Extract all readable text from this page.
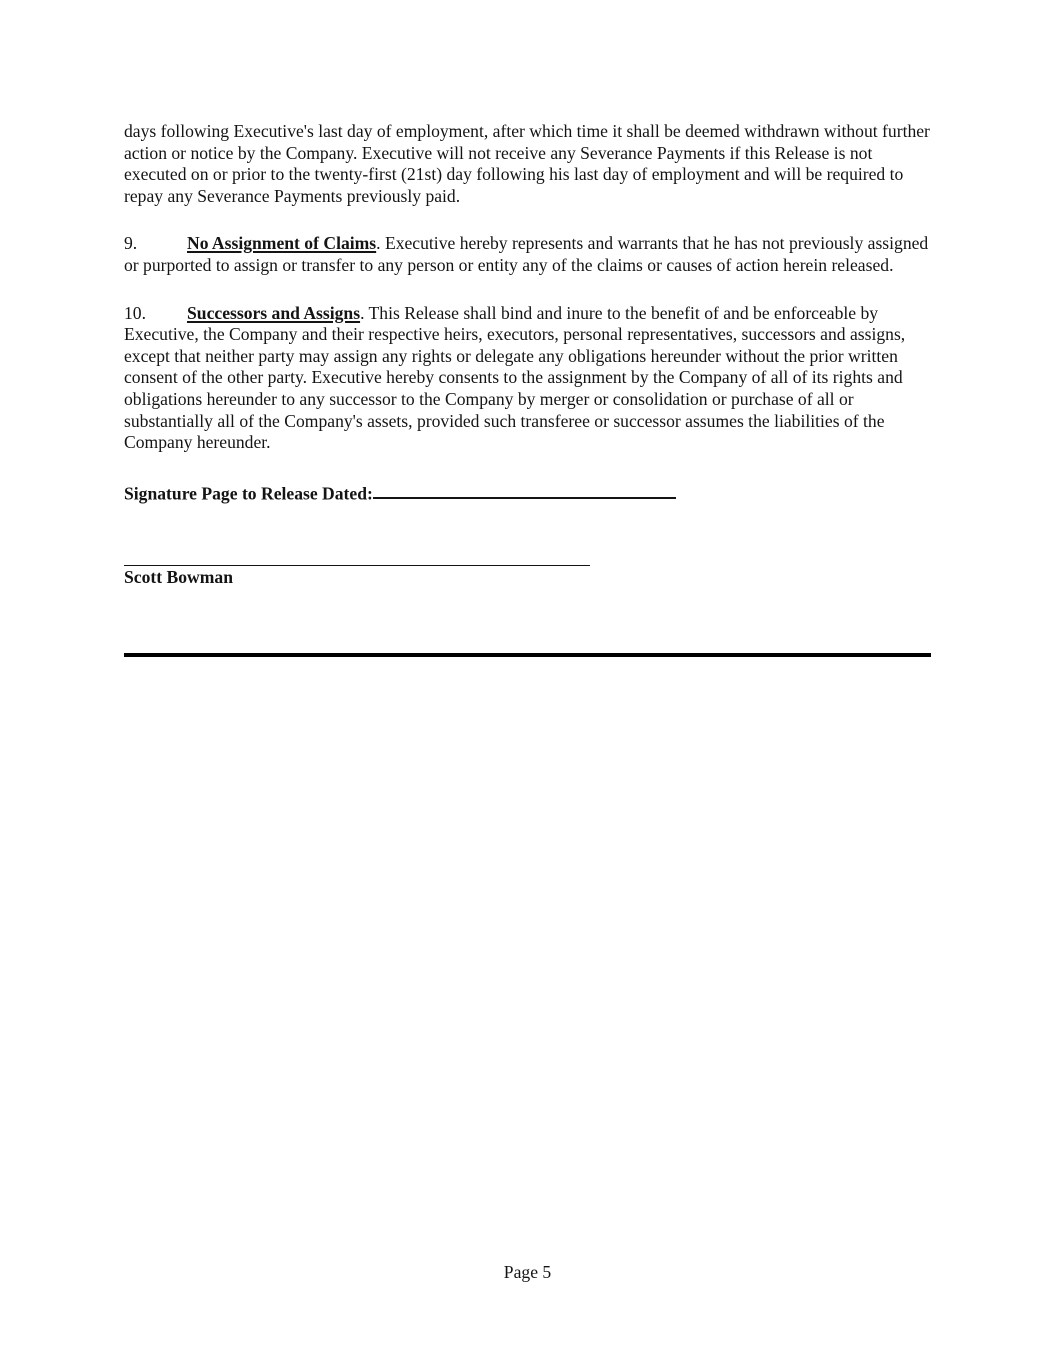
days following Executive's last day of employment, after which time it shall be deemed withdrawn without further action or notice by the Company. Executive will not receive any Severance Payments if this Release is not executed on or prior to the twenty-first (21st) day following his last day of employment and will be required to repay any Severance Payments previously paid.

9.	No Assignment of Claims. Executive hereby represents and warrants that he has not previously assigned or purported to assign or transfer to any person or entity any of the claims or causes of action herein released.

10. Successors and Assigns. This Release shall bind and inure to the benefit of and be enforceable by Executive, the Company and their respective heirs, executors, personal representatives, successors and assigns, except that neither party may assign any rights or delegate any obligations hereunder without the prior written consent of the other party. Executive hereby consents to the assignment by the Company of all of its rights and obligations hereunder to any successor to the Company by merger or consolidation or purchase of all or substantially all of the Company's assets, provided such transferee or successor assumes the liabilities of the Company hereunder.

Signature Page to Release Dated:

Scott Bowman
Page 5
